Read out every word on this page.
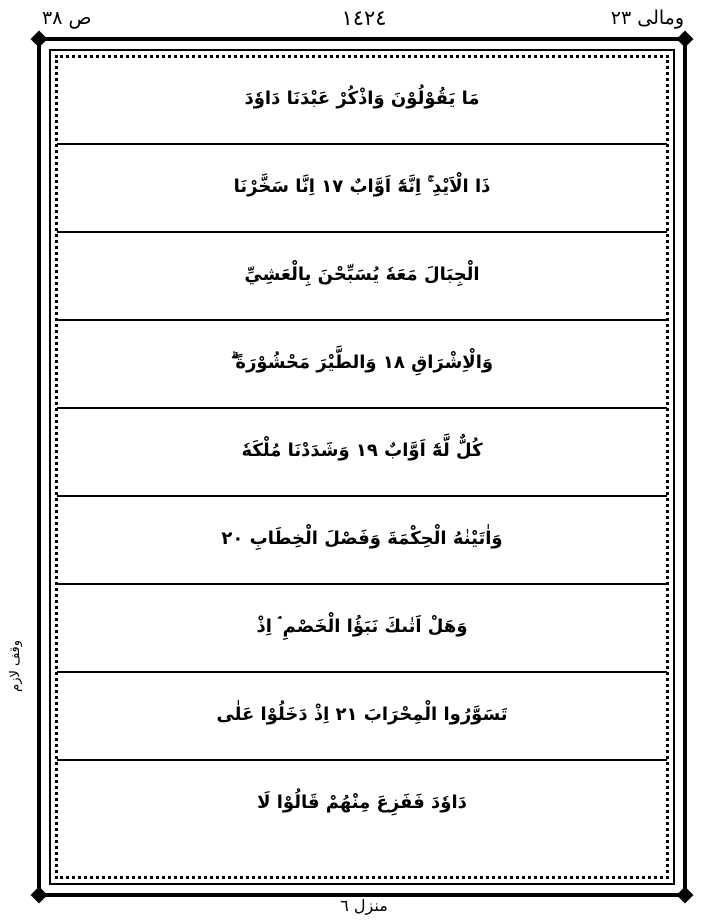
ص ٣٨	١٤٢٤	ومالی ٢٣
وقف لازم
مَا يَقُوْلُوْنَ وَاذْكُرْ عَبْدَنَا دَاوٗدَ
ذَا الْاَيْدِ ۚ اِنَّهٗٓ اَوَّابٌ ١٧ اِنَّا سَخَّرْنَا
الْجِبَالَ مَعَهٗ يُسَبِّحْنَ بِالْعَشِيِّ
وَالْاِشْرَاقِ ١٨ وَالطَّيْرَ مَحْشُوْرَةً ۗ
كُلٌّ لَّهٗٓ اَوَّابٌ ١٩ وَشَدَدْنَا مُلْكَهٗ
وَاٰتَيْنٰهُ الْحِكْمَةَ وَفَصْلَ الْخِطَابِ ٢٠
وَهَلْ اَتٰىكَ نَبَؤُا الْخَصْمِ ۘ اِذْ
تَسَوَّرُوا الْمِحْرَابَ ٢١ اِذْ دَخَلُوْا عَلٰى
دَاوٗدَ فَفَزِعَ مِنْهُمْ قَالُوْا لَا
منزل ٦
